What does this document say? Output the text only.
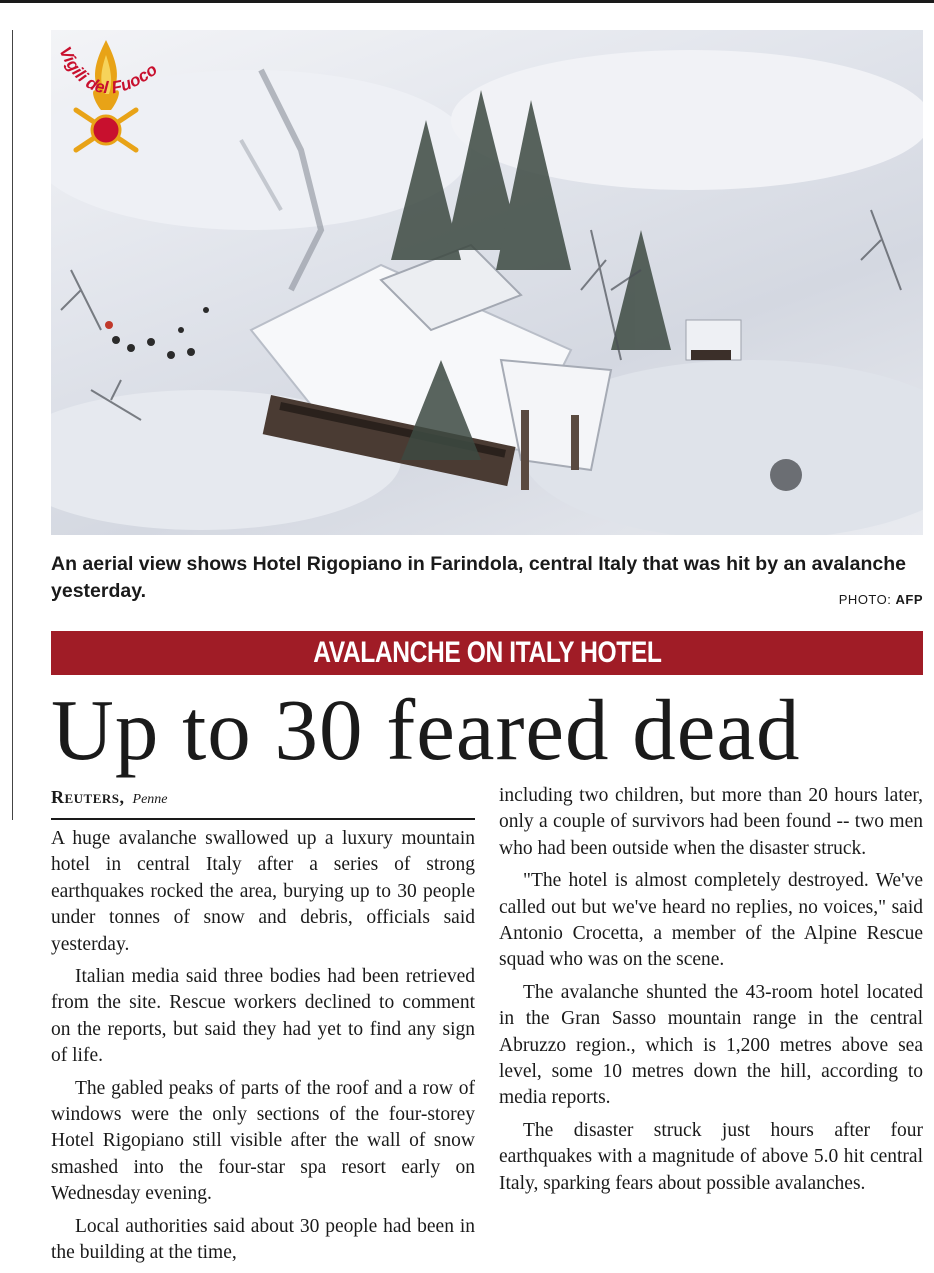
Vigili del Fuoco
An aerial view shows Hotel Rigopiano in Farindola, central Italy that was hit by an avalanche yesterday.	PHOTO: AFP
AVALANCHE ON ITALY HOTEL
Up to 30 feared dead
Reuters, Penne

A huge avalanche swallowed up a luxury mountain hotel in central Italy after a series of strong earthquakes rocked the area, burying up to 30 people under tonnes of snow and debris, officials said yesterday.

Italian media said three bodies had been retrieved from the site. Rescue workers declined to comment on the reports, but said they had yet to find any sign of life.

The gabled peaks of parts of the roof and a row of windows were the only sections of the four-storey Hotel Rigopiano still visible after the wall of snow smashed into the four-star spa resort early on Wednesday evening.

Local authorities said about 30 people had been in the building at the time,

including two children, but more than 20 hours later, only a couple of survivors had been found -- two men who had been outside when the disaster struck.

"The hotel is almost completely destroyed. We've called out but we've heard no replies, no voices," said Antonio Crocetta, a member of the Alpine Rescue squad who was on the scene.

The avalanche shunted the 43-room hotel located in the Gran Sasso mountain range in the central Abruzzo region., which is 1,200 metres above sea level, some 10 metres down the hill, according to media reports.

The disaster struck just hours after four earthquakes with a magnitude of above 5.0 hit central Italy, sparking fears about possible avalanches.
